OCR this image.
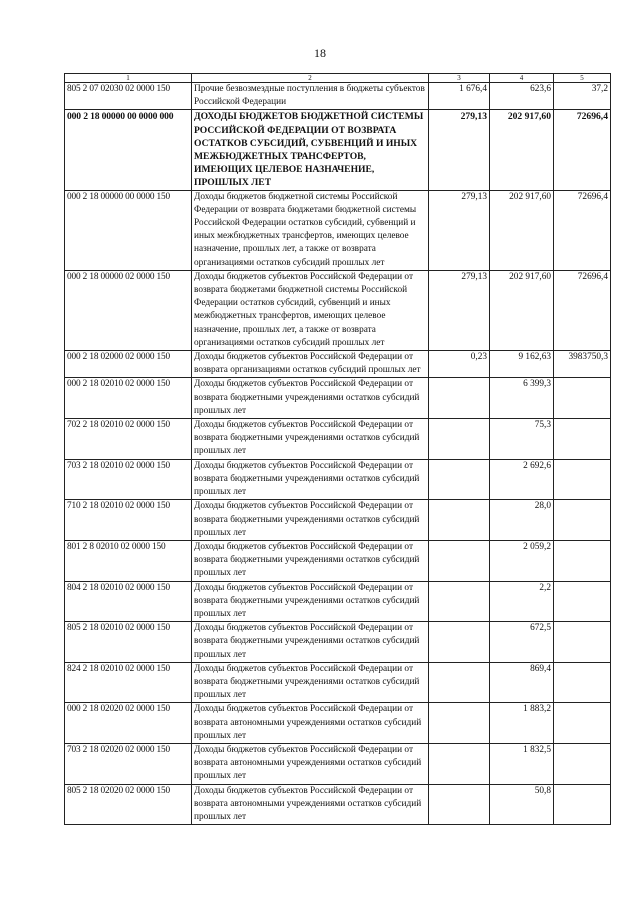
18
1	2	3	4	5
805 2 07 02030 02 0000 150	Прочие безвозмездные поступления в бюджеты субъектов Российской Федерации	1 676,4	623,6	37,2
000 2 18 00000 00 0000 000	ДОХОДЫ БЮДЖЕТОВ БЮДЖЕТНОЙ СИСТЕМЫ РОССИЙСКОЙ ФЕДЕРАЦИИ ОТ ВОЗВРАТА ОСТАТКОВ СУБСИДИЙ, СУБВЕНЦИЙ И ИНЫХ МЕЖБЮДЖЕТНЫХ ТРАНСФЕРТОВ, ИМЕЮЩИХ ЦЕЛЕВОЕ НАЗНАЧЕНИЕ, ПРОШЛЫХ ЛЕТ	279,13	202 917,60	72696,4
000 2 18 00000 00 0000 150	Доходы бюджетов бюджетной системы Российской Федерации от возврата бюджетами бюджетной системы Российской Федерации остатков субсидий, субвенций и иных межбюджетных трансфертов, имеющих целевое назначение, прошлых лет, а также от возврата организациями остатков субсидий прошлых лет	279,13	202 917,60	72696,4
000 2 18 00000 02 0000 150	Доходы бюджетов субъектов Российской Федерации от возврата бюджетами бюджетной системы Российской Федерации остатков субсидий, субвенций и иных межбюджетных трансфертов, имеющих целевое назначение, прошлых лет, а также от возврата организациями остатков субсидий прошлых лет	279,13	202 917,60	72696,4
000 2 18 02000 02 0000 150	Доходы бюджетов субъектов Российской Федерации от возврата организациями остатков субсидий прошлых лет	0,23	9 162,63	3983750,3
000 2 18 02010 02 0000 150	Доходы бюджетов субъектов Российской Федерации от возврата бюджетными учреждениями остатков субсидий прошлых лет		6 399,3	
702 2 18 02010 02 0000 150	Доходы бюджетов субъектов Российской Федерации от возврата бюджетными учреждениями остатков субсидий прошлых лет		75,3	
703 2 18 02010 02 0000 150	Доходы бюджетов субъектов Российской Федерации от возврата бюджетными учреждениями остатков субсидий прошлых лет		2 692,6	
710 2 18 02010 02 0000 150	Доходы бюджетов субъектов Российской Федерации от возврата бюджетными учреждениями остатков субсидий прошлых лет		28,0	
801 2 8 02010 02 0000 150	Доходы бюджетов субъектов Российской Федерации от возврата бюджетными учреждениями остатков субсидий прошлых лет		2 059,2	
804 2 18 02010 02 0000 150	Доходы бюджетов субъектов Российской Федерации от возврата бюджетными учреждениями остатков субсидий прошлых лет		2,2	
805 2 18 02010 02 0000 150	Доходы бюджетов субъектов Российской Федерации от возврата бюджетными учреждениями остатков субсидий прошлых лет		672,5	
824 2 18 02010 02 0000 150	Доходы бюджетов субъектов Российской Федерации от возврата бюджетными учреждениями остатков субсидий прошлых лет		869,4	
000 2 18 02020 02 0000 150	Доходы бюджетов субъектов Российской Федерации от возврата автономными учреждениями остатков субсидий прошлых лет		1 883,2	
703 2 18 02020 02 0000 150	Доходы бюджетов субъектов Российской Федерации от возврата автономными учреждениями остатков субсидий прошлых лет		1 832,5	
805 2 18 02020 02 0000 150	Доходы бюджетов субъектов Российской Федерации от возврата автономными учреждениями остатков субсидий прошлых лет		50,8	
